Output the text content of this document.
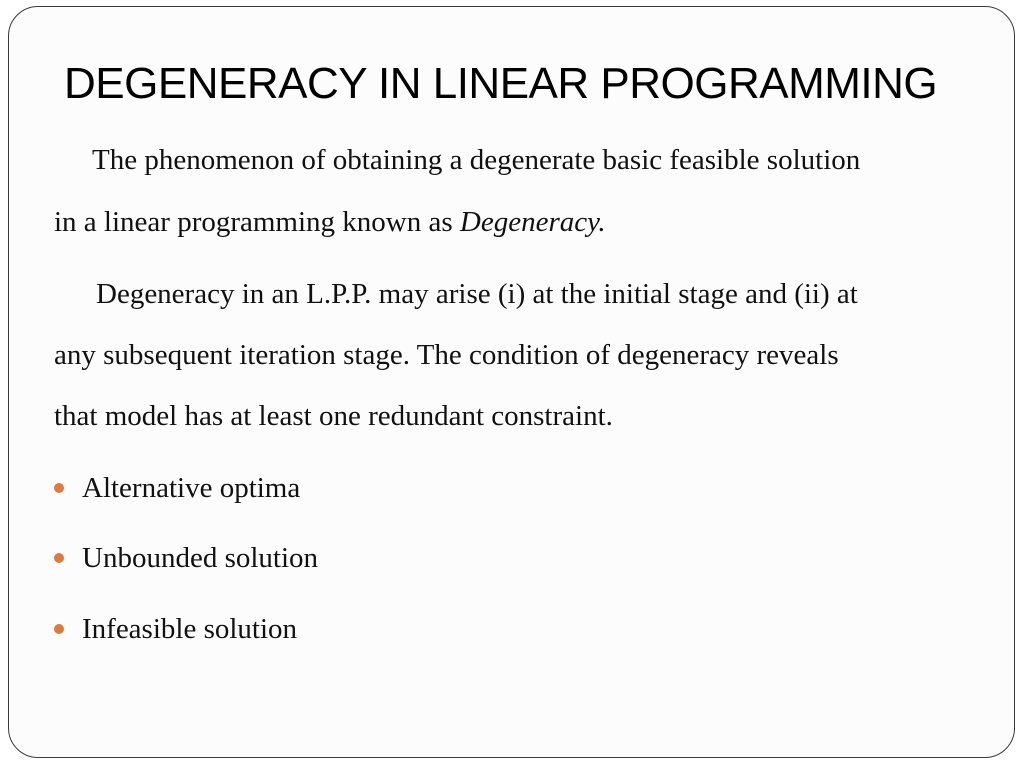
DEGENERACY IN LINEAR PROGRAMMING
The phenomenon of obtaining a degenerate basic feasible solution
in a linear programming known as Degeneracy.
Degeneracy in an L.P.P. may arise (i) at the initial stage and (ii) at
any subsequent iteration stage. The condition of degeneracy reveals
that model has at least one redundant constraint.
Alternative optima
Unbounded solution
Infeasible solution
